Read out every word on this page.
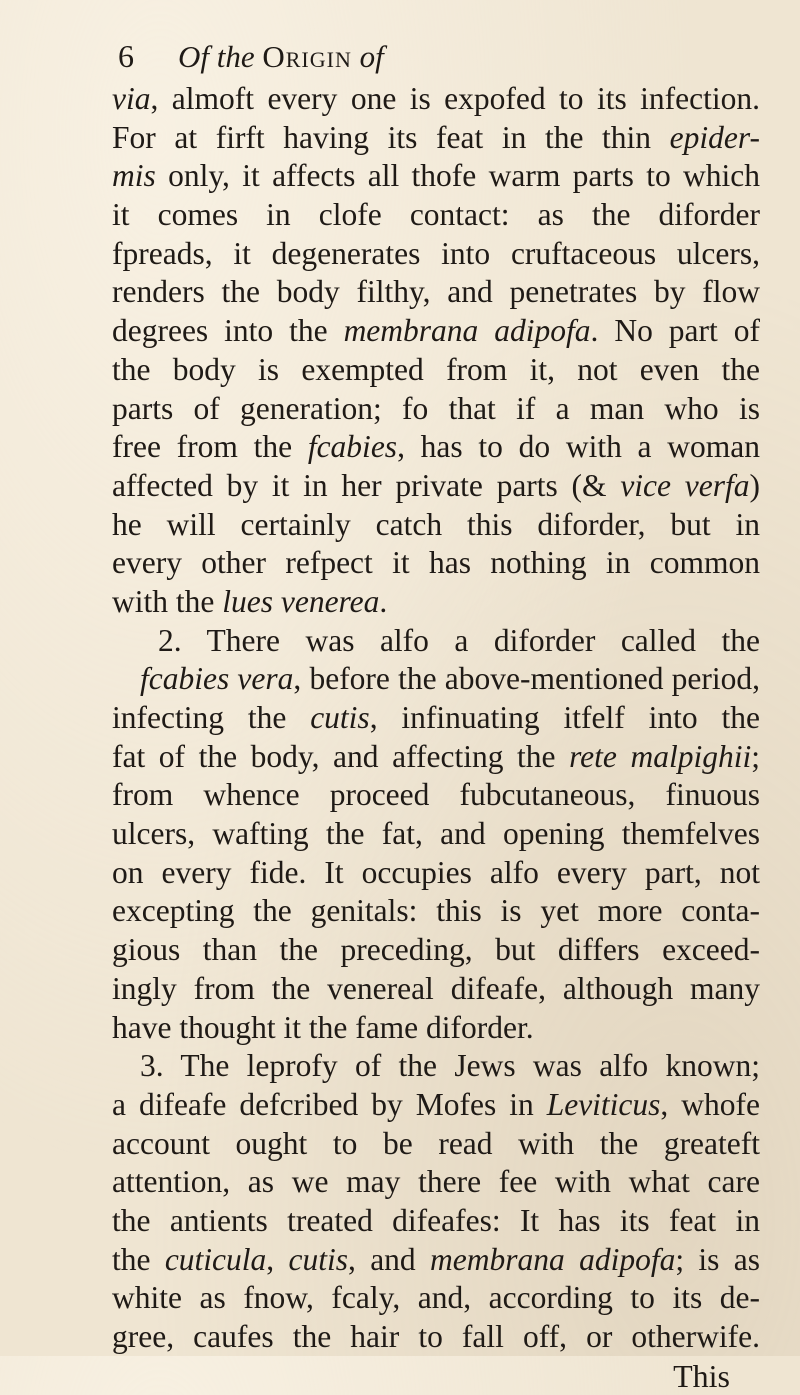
6	Of the Origin of
via, almoft every one is expofed to its infection.
For at firft having its feat in the thin epider-
mis only, it affects all thofe warm parts to which
it comes in clofe contact: as the diforder
fpreads, it degenerates into cruftaceous ulcers,
renders the body filthy, and penetrates by flow
degrees into the membrana adipofa. No part of
the body is exempted from it, not even the
parts of generation; fo that if a man who is
free from the fcabies, has to do with a woman
affected by it in her private parts (& vice verfa)
he will certainly catch this diforder, but in
every other refpect it has nothing in common
with the lues venerea.
2. There was alfo a diforder called the
fcabies vera, before the above-mentioned period,
infecting the cutis, infinuating itfelf into the
fat of the body, and affecting the rete malpighii;
from whence proceed fubcutaneous, finuous
ulcers, wafting the fat, and opening themfelves
on every fide. It occupies alfo every part, not
excepting the genitals: this is yet more conta-
gious than the preceding, but differs exceed-
ingly from the venereal difeafe, although many
have thought it the fame diforder.
3. The leprofy of the Jews was alfo known;
a difeafe defcribed by Mofes in Leviticus, whofe
account ought to be read with the greateft
attention, as we may there fee with what care
the antients treated difeafes: It has its feat in
the cuticula, cutis, and membrana adipofa; is as
white as fnow, fcaly, and, according to its de-
gree, caufes the hair to fall off, or otherwife.
This
